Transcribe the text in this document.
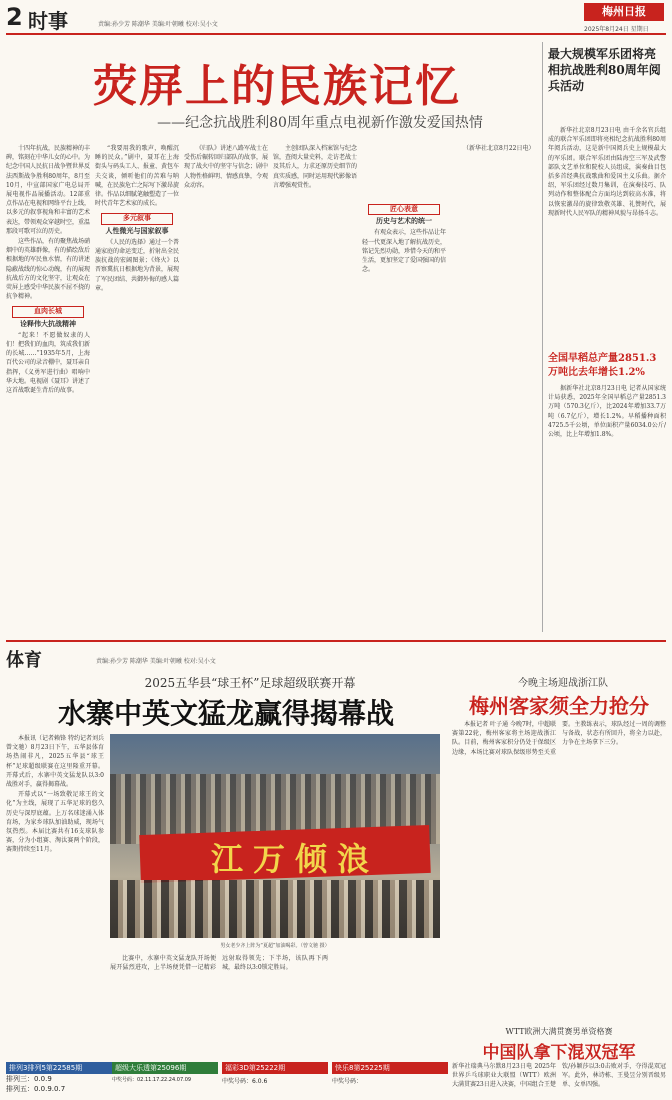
2 时事	责编:孙少芳 陈潮华 美编:叶朝曦 校对:吴小文
梅州日报
2025年8月24日 星期日
荧屏上的民族记忆
——纪念抗战胜利80周年重点电视新作激发爱国热情
最大规模军乐团将亮相抗战胜利80周年阅兵活动
新华社北京8月23日电 由千余名官兵组成的联合军乐团即将亮相纪念抗战胜利80周年阅兵活动，这是新中国阅兵史上规模最大的军乐团。联合军乐团由陆海空三军及武警部队文艺单位和院校人员组成，演奏曲目包括多首经典抗战歌曲和爱国主义乐曲。据介绍，军乐团经过数月集训，在演奏技巧、队列动作和整体配合方面均达到较高水准，将以恢宏激昂的旋律致敬英雄、礼赞时代，展现新时代人民军队的精神风貌与昂扬斗志。
全国早稻总产量2851.3万吨比去年增长1.2%
据新华社北京8月23日电 记者从国家统计局获悉，2025年全国早稻总产量2851.3万吨（570.3亿斤），比2024年增加33.7万吨（6.7亿斤），增长1.2%。早稻播种面积4725.5千公顷，单位面积产量6034.0公斤/公顷，比上年增加1.8%。

十四年抗战，民族精神的丰碑，铭刻在中华儿女的心中。为纪念中国人民抗日战争暨世界反法西斯战争胜利80周年，8月至10月，中宣部国家广电总局开展电视作品展播活动。12部重点作品在电视和网络平台上线，以多元的叙事视角和丰富的艺术表达，带领观众穿越时空，重温那段可歌可泣的历史。

这些作品，有的聚焦战场硝烟中的英雄群像，有的描绘敌后根据地的军民鱼水情，有的讲述隐蔽战线的惊心动魄，有的展现抗战后方的文化坚守，让观众在荧屏上感受中华民族不屈不挠的抗争精神。

血肉长城
诠释伟大抗战精神

“起来！不愿做奴隶的人们！把我们的血肉，筑成我们新的长城……”1935年5月，上海百代公司的录音棚中，聂耳亲自指挥，《义勇军进行曲》唱响中华大地。电视剧《聂耳》讲述了这首战歌诞生背后的故事。

“我要用我的歌声，唤醒沉睡的民众。”剧中，聂耳在上海街头与码头工人、报童、黄包车夫交谈，倾听他们的苦难与呐喊，在民族危亡之际写下激昂旋律。作品以细腻笔触塑造了一位时代青年艺术家的成长。

多元叙事
人性微光与国家叙事

《人民的选择》通过一个普通家庭的命运变迁，折射出全民族抗战的宏阔图景；《烽火》以晋察冀抗日根据地为背景，展现了军民团结、共御外侮的感人篇章。

《归队》讲述八路军战士在受伤后辗转回归部队的故事，展现了战火中的坚守与信念；剧中人物性格鲜明、情感真挚，令观众动容。

主创团队深入档案馆与纪念馆，查阅大量史料，走访老战士及其后人，力求还原历史细节的真实质感，同时运用现代影像语言增强观赏性。

匠心表意
历史与艺术的统一

有观众表示，这些作品让年轻一代更深入地了解抗战历史，铭记先烈功勋，珍惜今天的和平生活，更加坚定了爱国强国的信念。

（新华社北京8月22日电）

体育	责编:孙少芳 陈潮华 美编:叶朝曦 校对:吴小文
2025五华县“球王杯”足球超级联赛开幕
水寨中英文猛龙赢得揭幕战

本报讯（记者赖锋 特约记者刘兵 曾文驰）8月23日下午，五华县体育场热闹非凡，2025五华县“球王杯”足球超级联赛在这里隆重开幕。开幕式后，水寨中英文猛龙队以3:0战胜对手，赢得揭幕战。

开幕式以“一场致敬足球王的文化”为主线，展现了五华足球的悠久历史与深厚底蕴。上万名球迷涌入体育场，为家乡球队加油助威，现场气氛热烈。本届比赛共有16支球队参赛，分为小组赛、淘汰赛两个阶段，赛期持续至11月。	江万倾浪
男女老少齐上阵为“夏超”加油喝彩。（曾文驰 摄）

比赛中，水寨中英文猛龙队开场便展开猛烈进攻，上半场便凭借一记精彩远射取得领先；下半场，该队再下两城，最终以3:0锁定胜局。

今晚主场迎战浙江队
梅州客家须全力抢分
本报记者 叶子通 今晚7时，中超联赛第22轮，梅州客家将主场迎战浙江队。目前，梅州客家积分仍处于保级区边缘，本场比赛对球队保级形势至关重要。主教练表示，球队经过一周的调整与备战，状态有所回升，将全力以赴，力争在主场拿下三分。
WTT欧洲大满贯赛男单资格赛
中国队拿下混双冠军
新华社瑞典马尔默8月23日电 2025年世界乒乓球职业大联盟（WTT）欧洲大满贯赛23日进入决赛，中国组合王楚钦/孙颖莎以3:0击败对手，夺得混双冠军。此外，林诗栋、王曼昱分别晋级男单、女单四强。
排列3排列5第22585期
排列三：0.0.9
排列五：0.0.9.0.7
超级大乐透第25096期
中奖号码：02.11.17.22.24.07.09
福彩3D第25222期
中奖号码：6.0.6
快乐8第25225期
中奖号码：
